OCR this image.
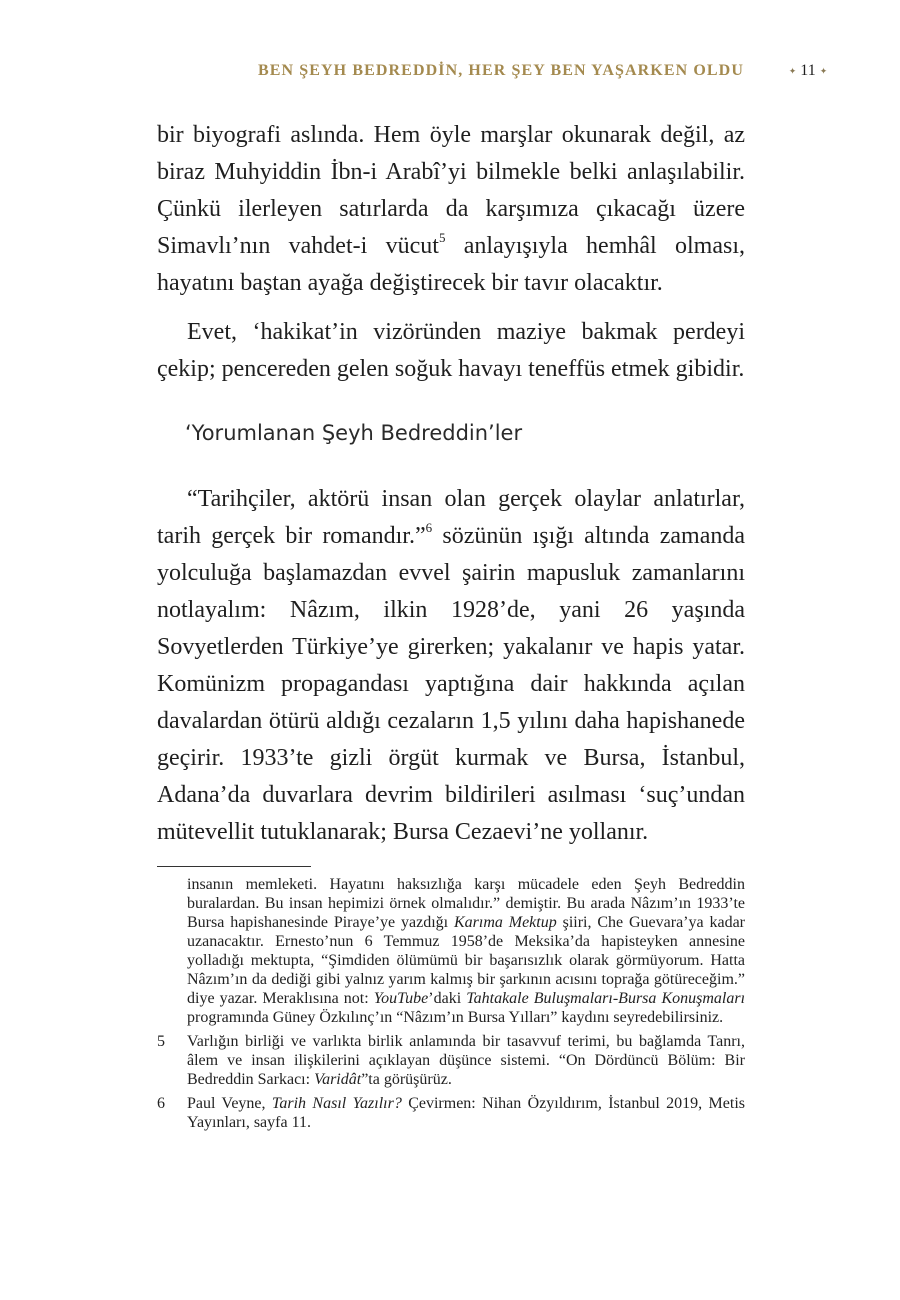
BEN ŞEYH BEDREDDİN, HER ŞEY BEN YAŞARKEN OLDU	✦ 11 ✦

bir biyografi aslında. Hem öyle marşlar okunarak değil, az biraz Muhyiddin İbn-i Arabî’yi bilmekle belki anlaşılabilir. Çünkü ilerleyen satırlarda da karşımıza çıkacağı üzere Simavlı’nın vahdet-i vücut$^5$ anlayışıyla hemhâl olması, hayatını baştan ayağa değiştirecek bir tavır olacaktır.

Evet, ‘hakikat’in vizöründen maziye bakmak perdeyi çekip; pencereden gelen soğuk havayı teneffüs etmek gibidir.

‘Yorumlanan Şeyh Bedreddin’ler

“Tarihçiler, aktörü insan olan gerçek olaylar anlatırlar, tarih gerçek bir romandır.”$^6$ sözünün ışığı altında zamanda yolculuğa başlamazdan evvel şairin mapusluk zamanlarını notlayalım: Nâzım, ilkin 1928’de, yani 26 yaşında Sovyetlerden Türkiye’ye girerken; yakalanır ve hapis yatar. Komünizm propagandası yaptığına dair hakkında açılan davalardan ötürü aldığı cezaların 1,5 yılını daha hapishanede geçirir. 1933’te gizli örgüt kurmak ve Bursa, İstanbul, Adana’da duvarlara devrim bildirileri asılması ‘suç’undan mütevellit tutuklanarak; Bursa Cezaevi’ne yollanır.

insanın memleketi. Hayatını haksızlığa karşı mücadele eden Şeyh Bedreddin buralardan. Bu insan hepimizi örnek olmalıdır.” demiştir. Bu arada Nâzım’ın 1933’te Bursa hapishanesinde Piraye’ye yazdığı Karıma Mektup şiiri, Che Guevara’ya kadar uzanacaktır. Ernesto’nun 6 Temmuz 1958’de Meksika’da hapisteyken annesine yolladığı mektupta, “Şimdiden ölümümü bir başarısızlık olarak görmüyorum. Hatta Nâzım’ın da dediği gibi yalnız yarım kalmış bir şarkının acısını toprağa götüreceğim.” diye yazar. Meraklısına not: YouTube’daki Tahtakale Buluşmaları-Bursa Konuşmaları programında Güney Özkılınç’ın “Nâzım’ın Bursa Yılları” kaydını seyredebilirsiniz.
5	Varlığın birliği ve varlıkta birlik anlamında bir tasavvuf terimi, bu bağlamda Tanrı, âlem ve insan ilişkilerini açıklayan düşünce sistemi. “On Dördüncü Bölüm: Bir Bedreddin Sarkacı: Varidât”ta görüşürüz.
6	Paul Veyne, Tarih Nasıl Yazılır? Çevirmen: Nihan Özyıldırım, İstanbul 2019, Metis Yayınları, sayfa 11.
